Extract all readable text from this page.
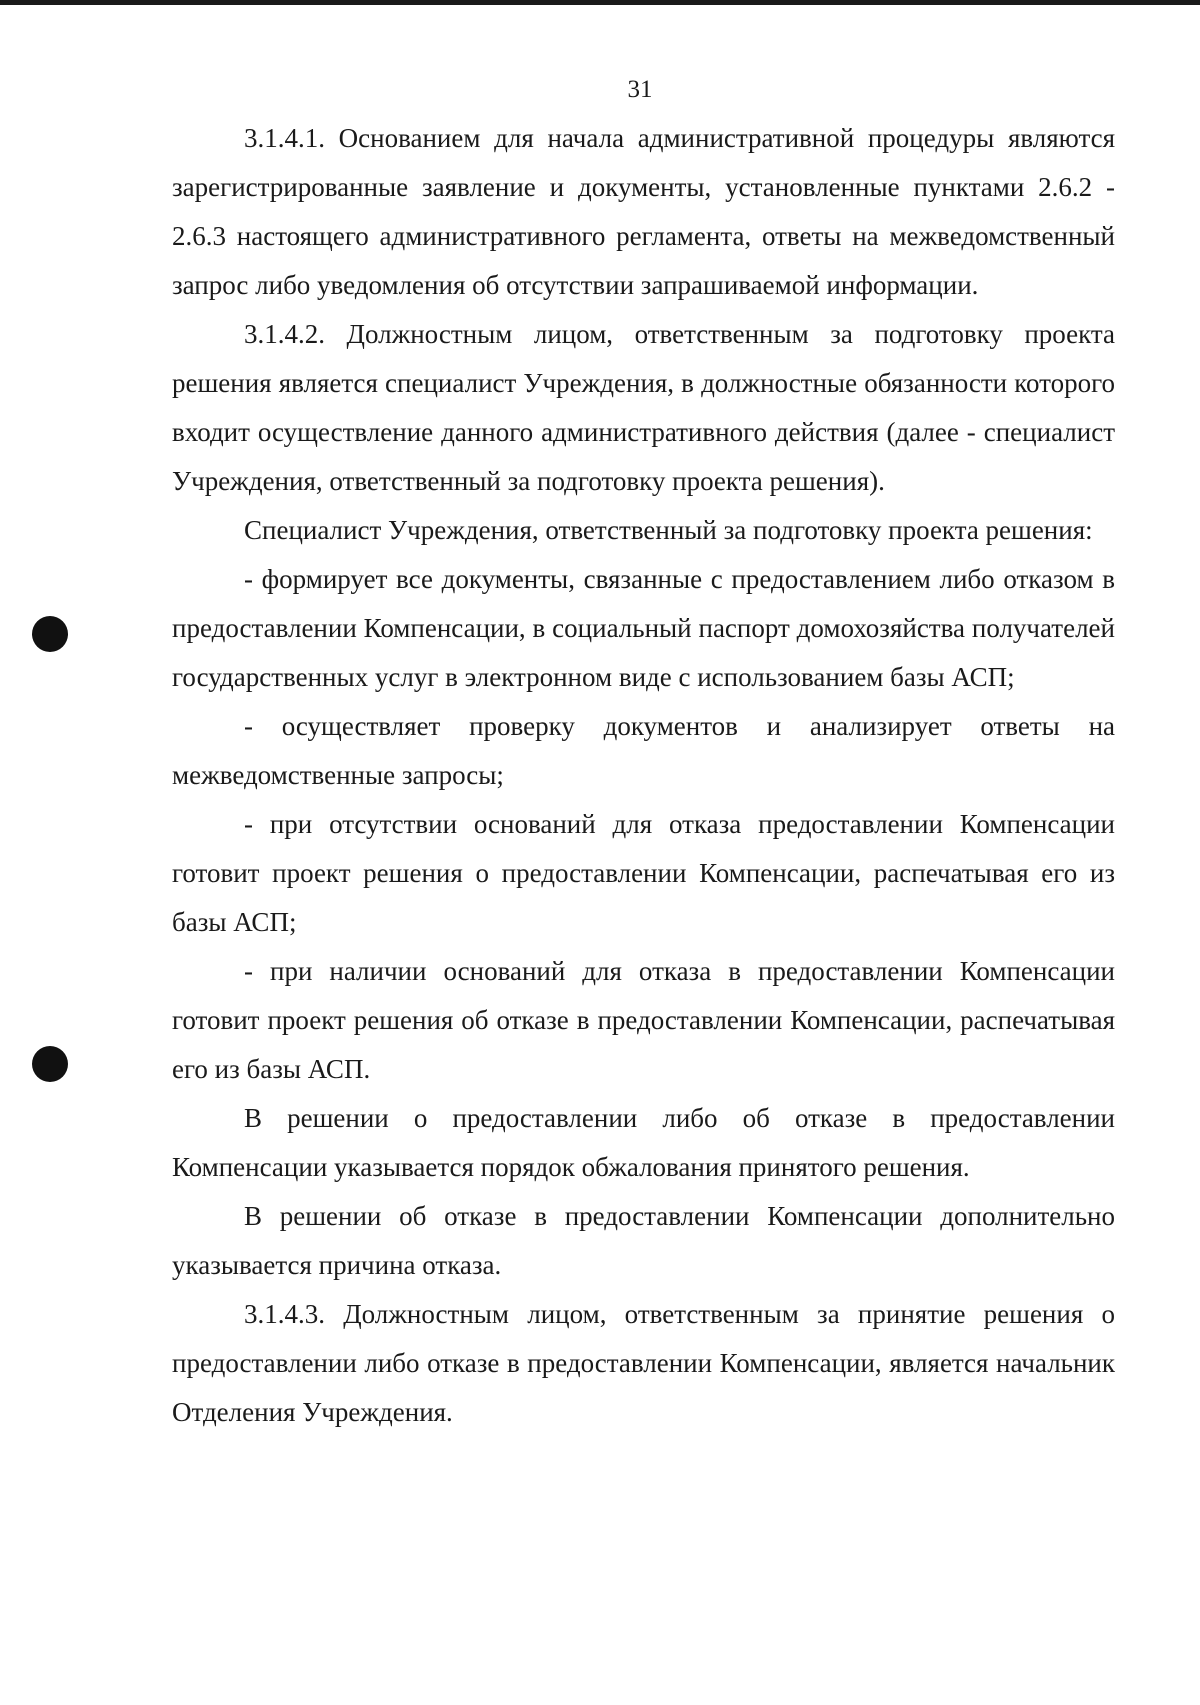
31

3.1.4.1. Основанием для начала административной процедуры являются зарегистрированные заявление и документы, установленные пунктами 2.6.2 - 2.6.3 настоящего административного регламента, ответы на межведомственный запрос либо уведомления об отсутствии запрашиваемой информации.

3.1.4.2. Должностным лицом, ответственным за подготовку проекта решения является специалист Учреждения, в должностные обязанности которого входит осуществление данного административного действия (далее - специалист Учреждения, ответственный за подготовку проекта решения).

Специалист Учреждения, ответственный за подготовку проекта решения:

- формирует все документы, связанные с предоставлением либо отказом в предоставлении Компенсации, в социальный паспорт домохозяйства получателей государственных услуг в электронном виде с использованием базы АСП;

- осуществляет проверку документов и анализирует ответы на межведомственные запросы;

- при отсутствии оснований для отказа предоставлении Компенсации готовит проект решения о предоставлении Компенсации, распечатывая его из базы АСП;

- при наличии оснований для отказа в предоставлении Компенсации готовит проект решения об отказе в предоставлении Компенсации, распечатывая его из базы АСП.

В решении о предоставлении либо об отказе в предоставлении Компенсации указывается порядок обжалования принятого решения.

В решении об отказе в предоставлении Компенсации дополнительно указывается причина отказа.

3.1.4.3. Должностным лицом, ответственным за принятие решения о предоставлении либо отказе в предоставлении Компенсации, является начальник Отделения Учреждения.
